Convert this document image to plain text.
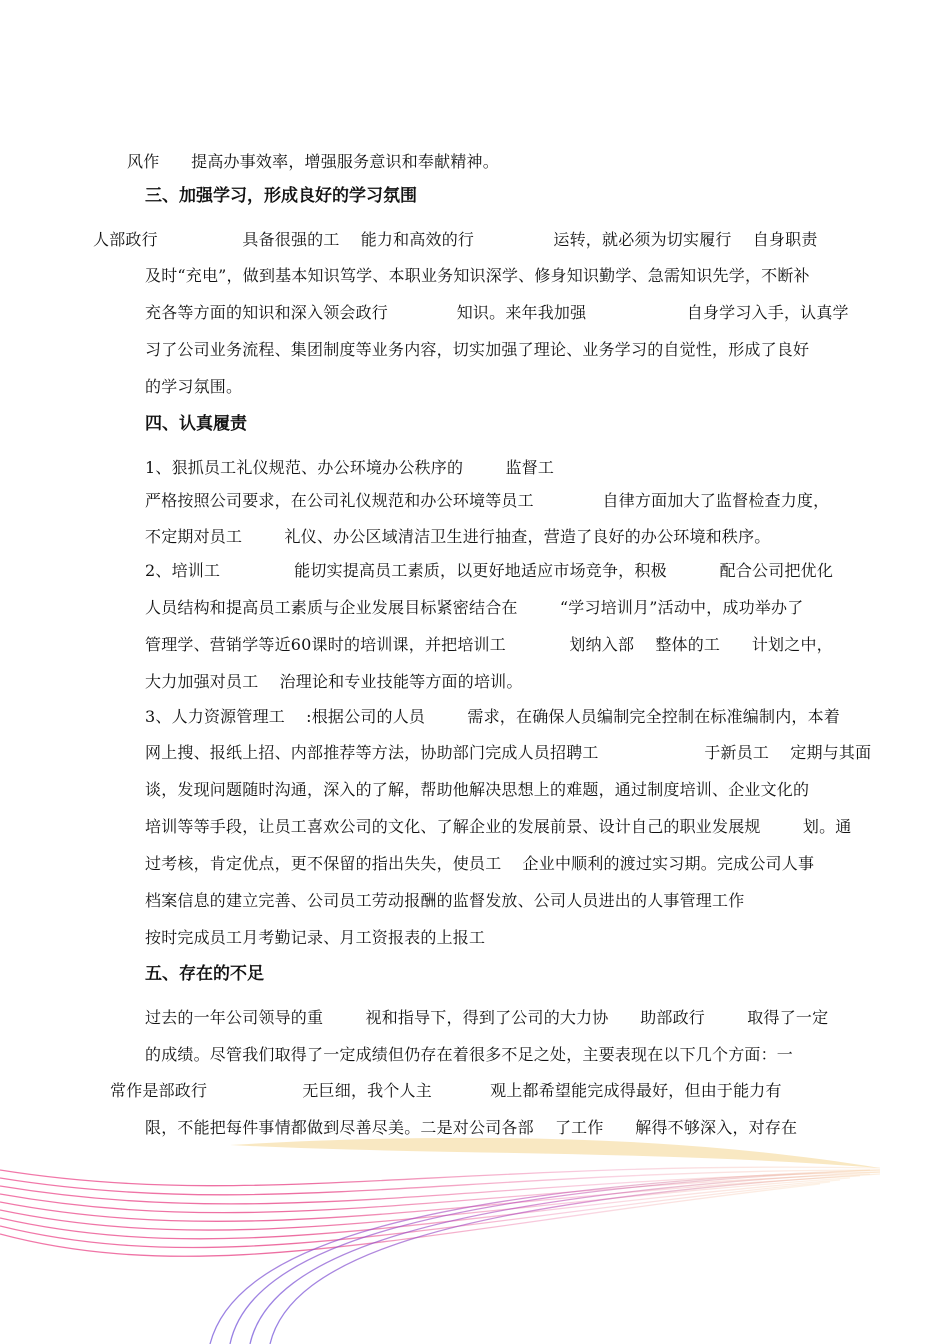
风作      提高办事效率，增强服务意识和奉献精神。
人部政行                具备很强的工    能力和高效的行               运转，就必须为切实履行    自身职责
及时“充电”，做到基本知识笃学、本职业务知识深学、修身知识勤学、急需知识先学，不断补
充各等方面的知识和深入领会政行             知识。来年我加强                   自身学习入手，认真学
习了公司业务流程、集团制度等业务内容，切实加强了理论、业务学习的自觉性，形成了良好
的学习氛围。
1、狠抓员工礼仪规范、办公环境办公秩序的        监督工
严格按照公司要求，在公司礼仪规范和办公环境等员工             自律方面加大了监督检查力度，
不定期对员工        礼仪、办公区域清洁卫生进行抽查，营造了良好的办公环境和秩序。
2、培训工              能切实提高员工素质，以更好地适应市场竞争，积极          配合公司把优化
人员结构和提高员工素质与企业发展目标紧密结合在        “学习培训月”活动中，成功举办了
管理学、营销学等近60课时的培训课，并把培训工            划纳入部    整体的工      计划之中，
大力加强对员工    治理论和专业技能等方面的培训。
3、人力资源管理工    :根据公司的人员        需求，在确保人员编制完全控制在标准编制内，本着
网上搜、报纸上招、内部推荐等方法，协助部门完成人员招聘工                    于新员工    定期与其面
谈，发现问题随时沟通，深入的了解，帮助他解决思想上的难题，通过制度培训、企业文化的
培训等等手段，让员工喜欢公司的文化、了解企业的发展前景、设计自己的职业发展规        划。通
过考核，肯定优点，更不保留的指出失失，使员工    企业中顺利的渡过实习期。完成公司人事
档案信息的建立完善、公司员工劳动报酬的监督发放、公司人员进出的人事管理工作
按时完成员工月考勤记录、月工资报表的上报工
过去的一年公司领导的重        视和指导下，得到了公司的大力协      助部政行        取得了一定
的成绩。尽管我们取得了一定成绩但仍存在着很多不足之处，主要表现在以下几个方面：一
常作是部政行                  无巨细，我个人主           观上都希望能完成得最好，但由于能力有
限，不能把每件事情都做到尽善尽美。二是对公司各部    了工作      解得不够深入，对存在
三、加强学习，形成良好的学习氛围
四、认真履责
五、存在的不足
